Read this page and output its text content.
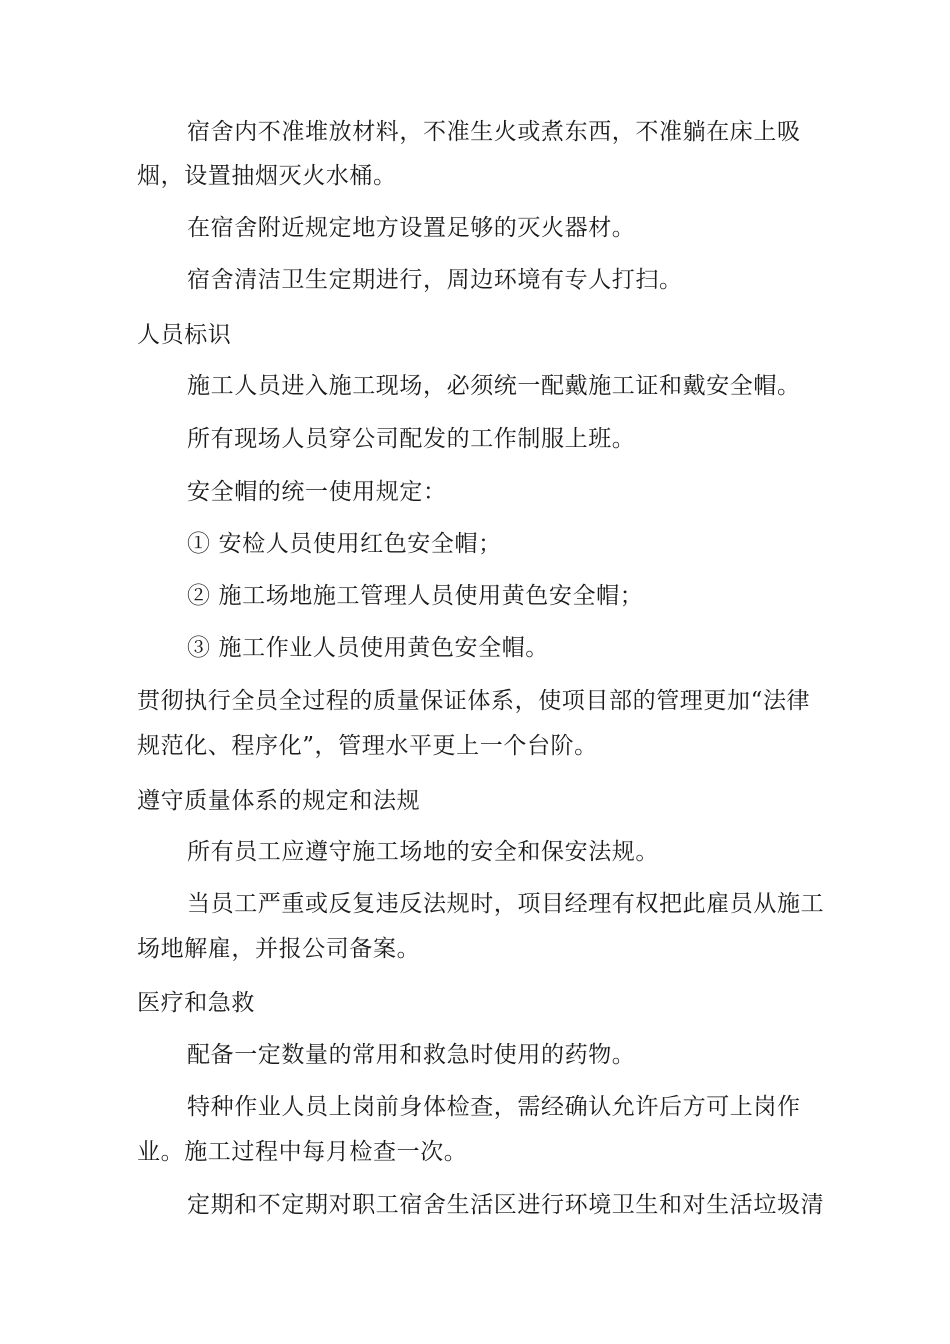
宿舍内不准堆放材料，不准生火或煮东西，不准躺在床上吸
烟，设置抽烟灭火水桶。
在宿舍附近规定地方设置足够的灭火器材。
宿舍清洁卫生定期进行，周边环境有专人打扫。
人员标识
施工人员进入施工现场，必须统一配戴施工证和戴安全帽。
所有现场人员穿公司配发的工作制服上班。
安全帽的统一使用规定：
① 安检人员使用红色安全帽；
② 施工场地施工管理人员使用黄色安全帽；
③ 施工作业人员使用黄色安全帽。
贯彻执行全员全过程的质量保证体系，使项目部的管理更加“法律
规范化、程序化”，管理水平更上一个台阶。
遵守质量体系的规定和法规
所有员工应遵守施工场地的安全和保安法规。
当员工严重或反复违反法规时，项目经理有权把此雇员从施工
场地解雇，并报公司备案。
医疗和急救
配备一定数量的常用和救急时使用的药物。
特种作业人员上岗前身体检查，需经确认允许后方可上岗作
业。施工过程中每月检查一次。
定期和不定期对职工宿舍生活区进行环境卫生和对生活垃圾清
